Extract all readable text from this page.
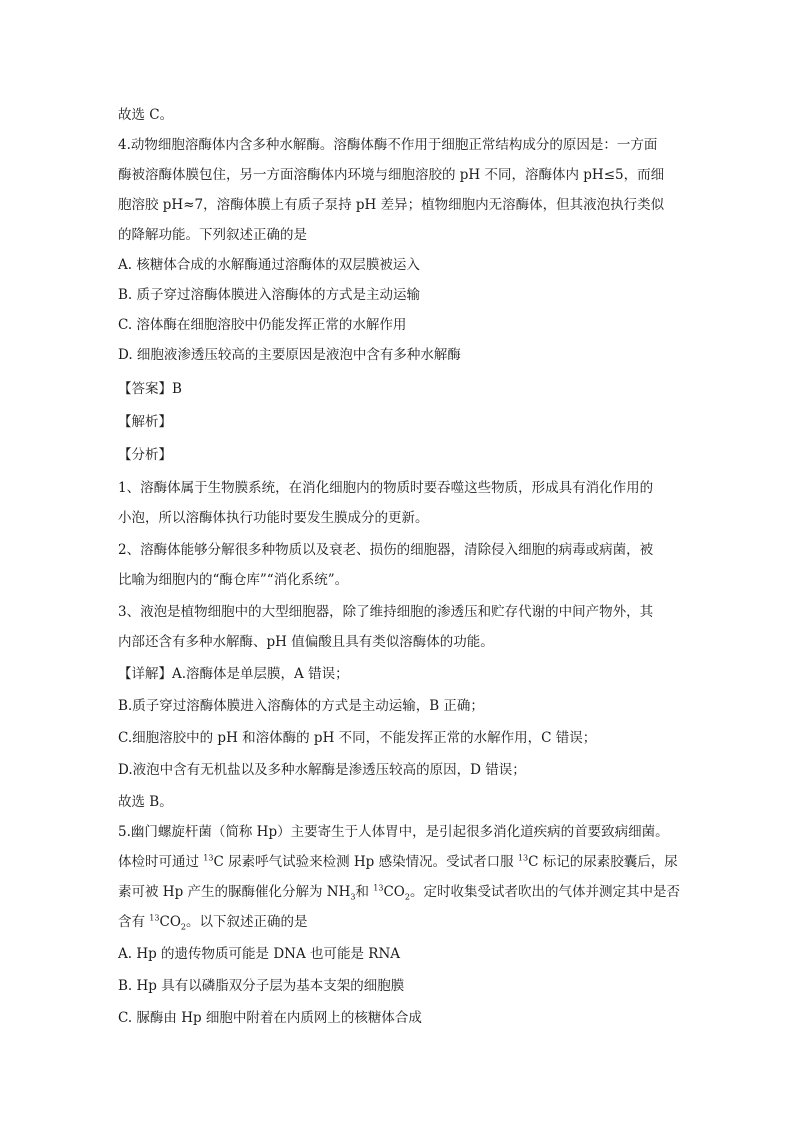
故选 C。
4.动物细胞溶酶体内含多种水解酶。溶酶体酶不作用于细胞正常结构成分的原因是：一方面
酶被溶酶体膜包住，另一方面溶酶体内环境与细胞溶胶的 pH 不同，溶酶体内 pH≤5，而细
胞溶胶 pH≈7，溶酶体膜上有质子泵持 pH 差异；植物细胞内无溶酶体，但其液泡执行类似
的降解功能。下列叙述正确的是
A. 核糖体合成的水解酶通过溶酶体的双层膜被运入
B. 质子穿过溶酶体膜进入溶酶体的方式是主动运输
C. 溶体酶在细胞溶胶中仍能发挥正常的水解作用
D. 细胞液渗透压较高的主要原因是液泡中含有多种水解酶
【答案】B
【解析】
【分析】
1、溶酶体属于生物膜系统，在消化细胞内的物质时要吞噬这些物质，形成具有消化作用的
小泡，所以溶酶体执行功能时要发生膜成分的更新。
2、溶酶体能够分解很多种物质以及衰老、损伤的细胞器，清除侵入细胞的病毒或病菌，被
比喻为细胞内的“酶仓库”“消化系统”。
3、液泡是植物细胞中的大型细胞器，除了维持细胞的渗透压和贮存代谢的中间产物外，其
内部还含有多种水解酶、pH 值偏酸且具有类似溶酶体的功能。
【详解】A.溶酶体是单层膜，A 错误；
B.质子穿过溶酶体膜进入溶酶体的方式是主动运输，B 正确；
C.细胞溶胶中的 pH 和溶体酶的 pH 不同，不能发挥正常的水解作用，C 错误；
D.液泡中含有无机盐以及多种水解酶是渗透压较高的原因，D 错误；
故选 B。
5.幽门螺旋杆菌（简称 Hp）主要寄生于人体胃中，是引起很多消化道疾病的首要致病细菌。
体检时可通过 $^{13}$C 尿素呼气试验来检测 Hp 感染情况。受试者口服 $^{13}$C 标记的尿素胶囊后，尿
素可被 Hp 产生的脲酶催化分解为 $NH_3$和 $^{13}CO_2$。定时收集受试者吹出的气体并测定其中是否
含有 $^{13}CO_2$。以下叙述正确的是
A. Hp 的遗传物质可能是 DNA 也可能是 RNA
B. Hp 具有以磷脂双分子层为基本支架的细胞膜
C. 脲酶由 Hp 细胞中附着在内质网上的核糖体合成
